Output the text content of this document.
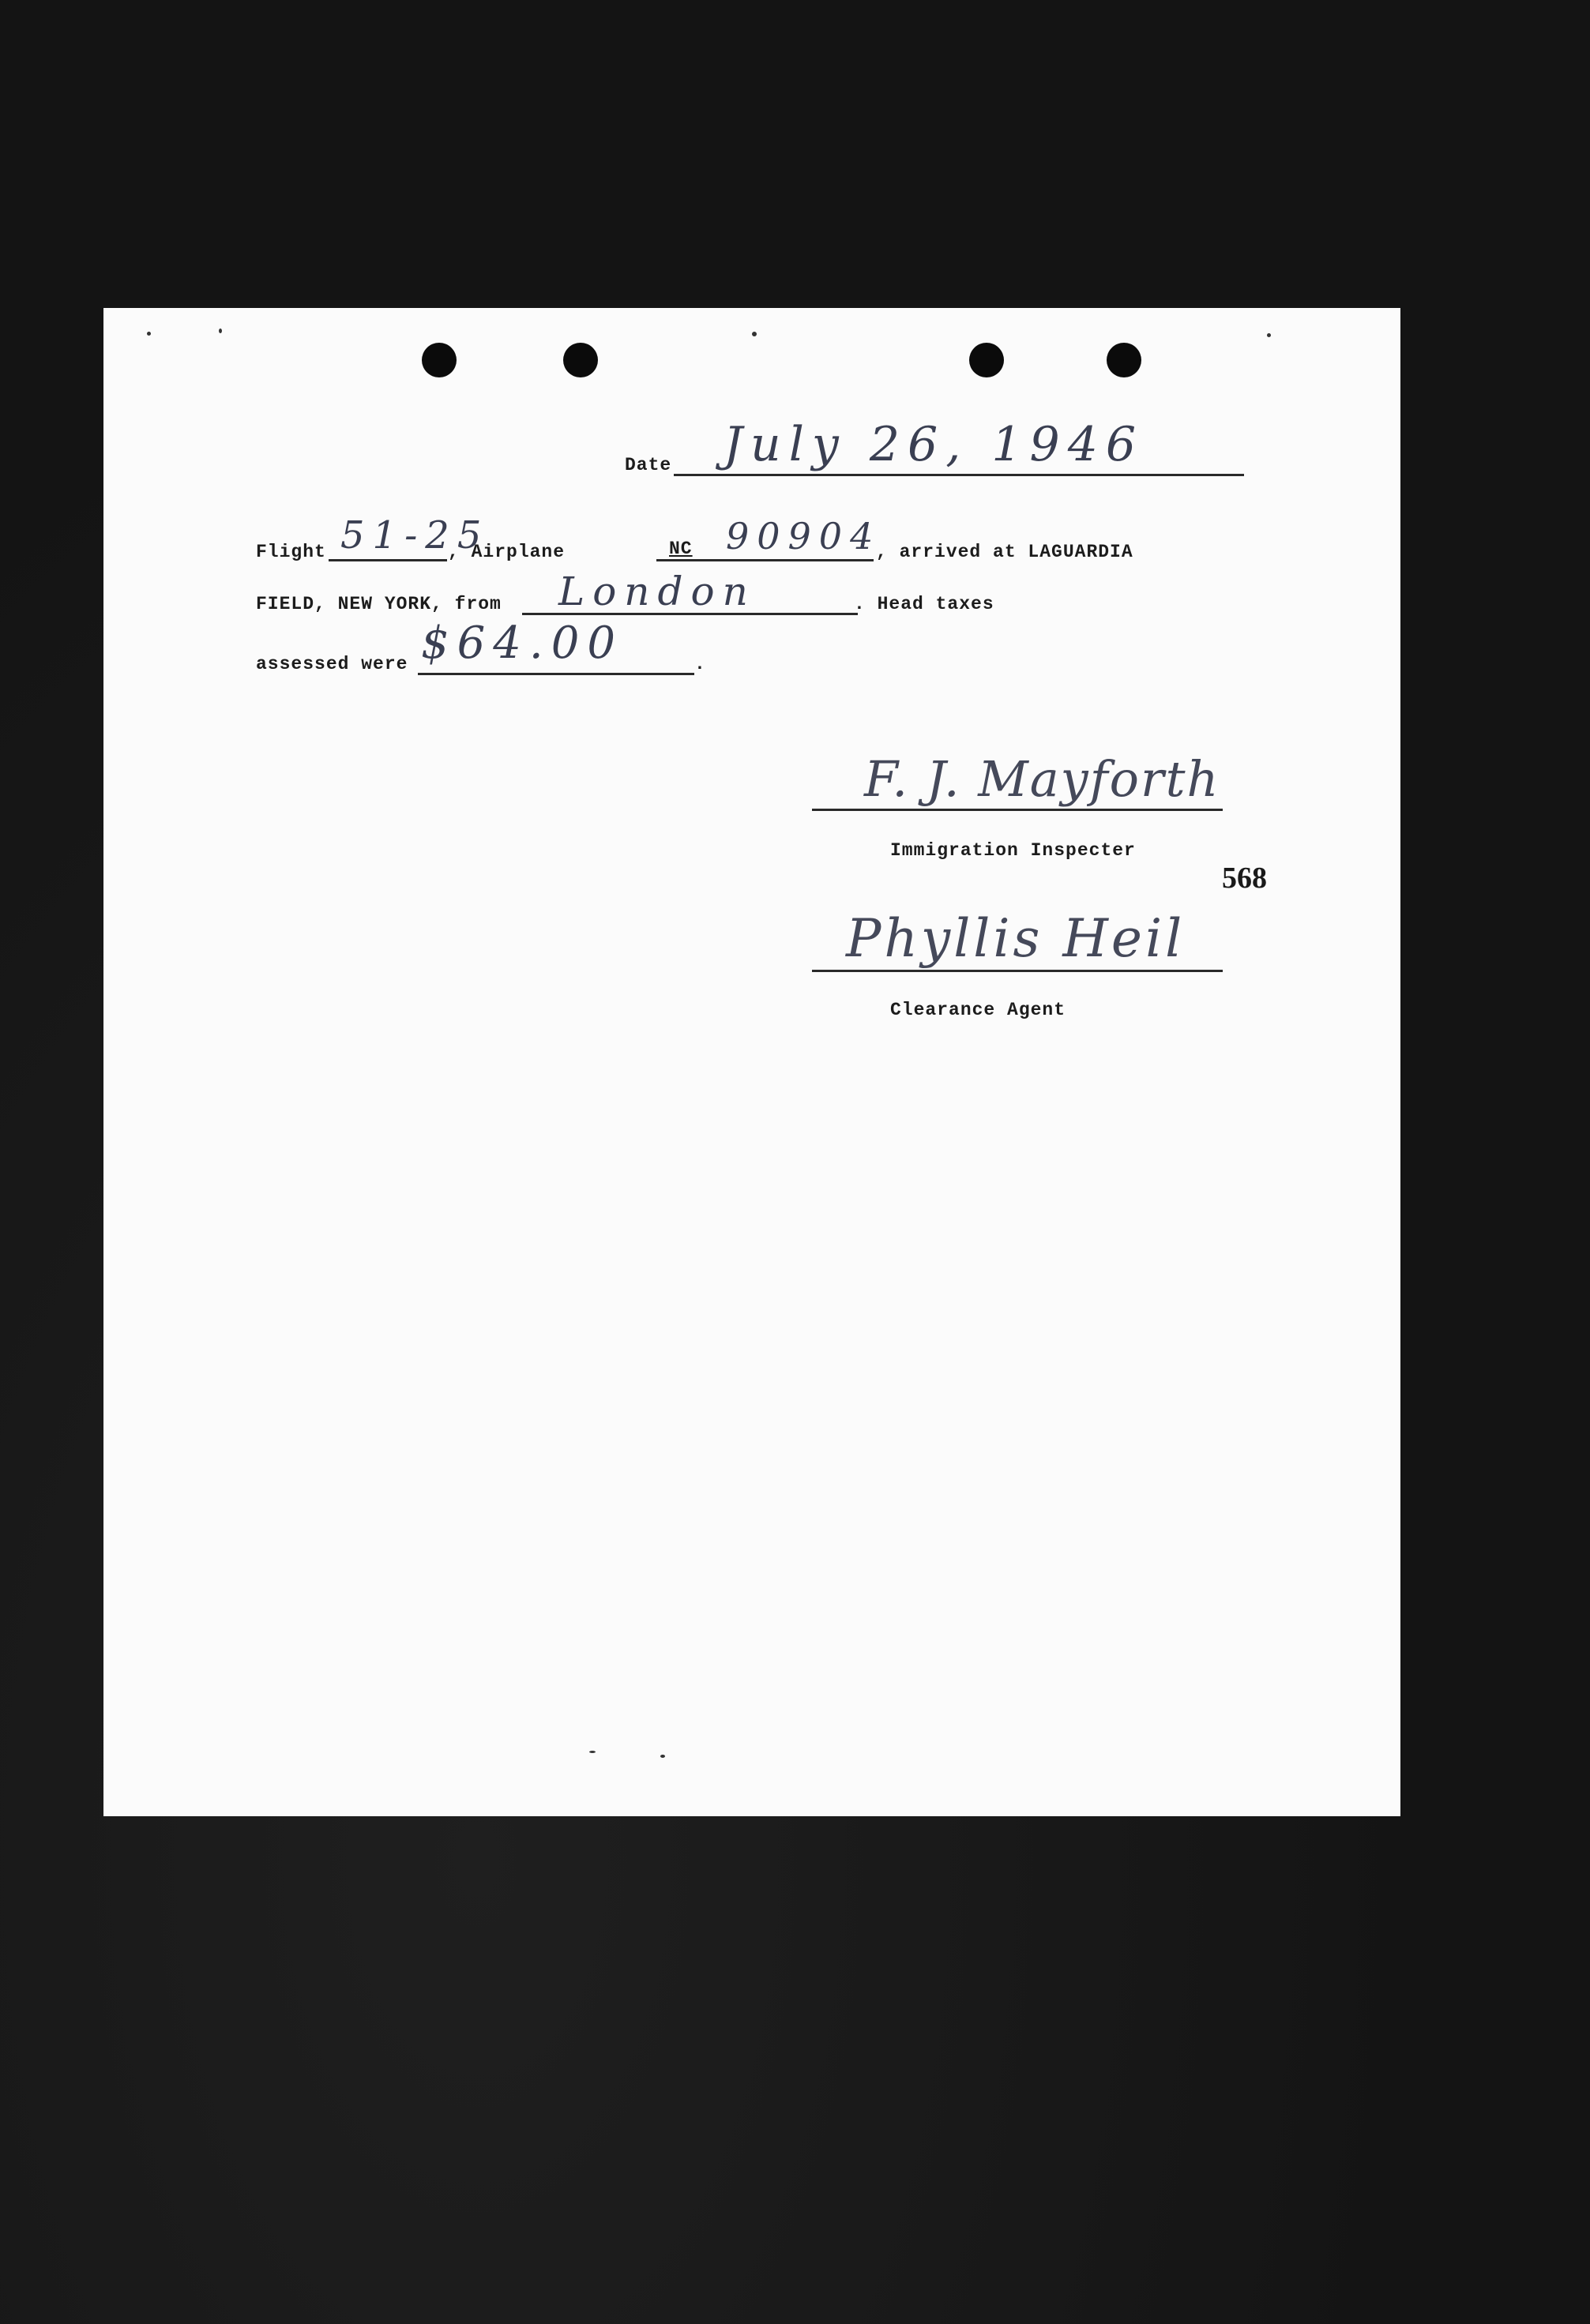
Date July 26, 1946
Flight 51-25
, Airplane	NC 90904
, arrived at LAGUARDIA
FIELD, NEW YORK, from London	. Head taxes
assessed were $64.00	.
F. J. Mayforth
Immigration Inspecter
568
Phyllis Heil
Clearance Agent
